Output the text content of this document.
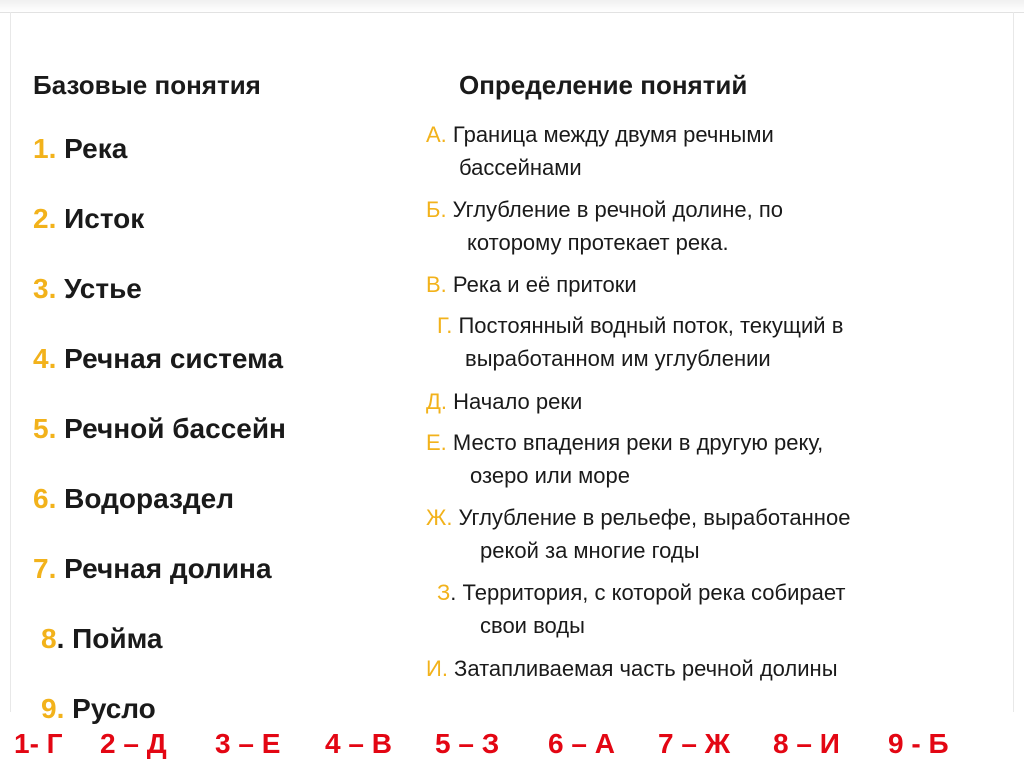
Базовые понятия	Определение понятий
1. Река
2. Исток
3. Устье
4. Речная система
5. Речной бассейн
6. Водораздел
7. Речная долина
8. Пойма
9. Русло
А. Граница между двумя речными
бассейнами
Б. Углубление в речной долине, по
которому протекает река.
В. Река и её притоки
Г. Постоянный водный поток, текущий в
выработанном им углублении
Д. Начало реки
Е. Место впадения реки в другую реку,
озеро или море
Ж. Углубление в рельефе, выработанное
рекой за многие годы
З. Территория, с которой река собирает
свои воды
И. Затапливаемая часть речной долины
1- Г 2 – Д 3 – Е 4 – В 5 – З 6 – А 7 – Ж 8 – И 9 - Б
